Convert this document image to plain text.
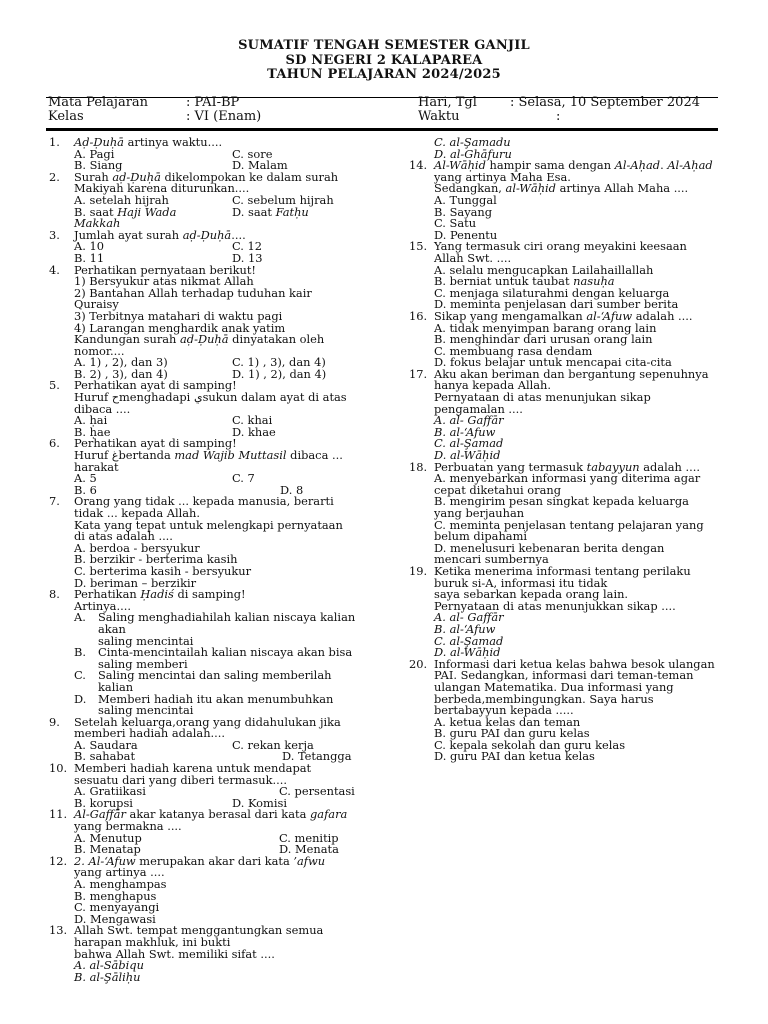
SUMATIF TENGAH SEMESTER GANJIL
SD NEGERI 2 KALAPAREA
TAHUN PELAJARAN 2024/2025
Mata Pelajaran	: PAI-BP
Kelas	: VI (Enam)
Hari, Tgl	: Selasa, 10 September 2024
Waktu	:
1. Aḍ-Ḍuḥā artinya waktu....
A. Pagi	C. sore
B. Siang	D. Malam
2. Surah aḍ-Ḍuḥā dikelompokan ke dalam surah
Makiyah karena diturunkan....
A. setelah hijrah	C. sebelum hijrah
B. saat Haji Wada	D. saat Fatḥu
Makkah
3. Jumlah ayat surah aḍ-Ḍuḥā....
A. 10	C. 12
B. 11	D. 13
4. Perhatikan pernyataan berikut!
1) Bersyukur atas nikmat Allah
2) Bantahan Allah terhadap tuduhan kair
Quraisy
3) Terbitnya matahari di waktu pagi
4) Larangan menghardik anak yatim
Kandungan surah aḍ-Ḍuḥā dinyatakan oleh
nomor....
A. 1) , 2), dan 3)	C. 1) , 3), dan 4)
B. 2) , 3), dan 4)	D. 1) , 2), dan 4)
5. Perhatikan ayat di samping!
Huruf حmenghadapi يsukun dalam ayat di atas
dibaca ....
A. ḥai	C. khai
B. ḥae	D. khae
6. Perhatikan ayat di samping!
Huruf غbertanda mad Wajib Muttasil dibaca ...
harakat
A. 5	C. 7
B. 6	D. 8
7. Orang yang tidak ... kepada manusia, berarti
tidak ... kepada Allah.
Kata yang tepat untuk melengkapi pernyataan
di atas adalah ....
A. berdoa - bersyukur
B. berzikir - berterima kasih
C. berterima kasih - bersyukur
D. beriman – berzikir
8. Perhatikan Ḥadiś di samping!
Artinya....
A. Saling menghadiahilah kalian niscaya kalian
akan
saling mencintai
B. Cinta-mencintailah kalian niscaya akan bisa
saling memberi
C. Saling mencintai dan saling memberilah
kalian
D. Memberi hadiah itu akan menumbuhkan
saling mencintai
9. Setelah keluarga,orang yang didahulukan jika
memberi hadiah adalah....
A. Saudara	C. rekan kerja
B. sahabat	D. Tetangga
10. Memberi hadiah karena untuk mendapat
sesuatu dari yang diberi termasuk....
A. Gratiikasi	C. persentasi
B. korupsi	D. Komisi
11. Al-Gaffār akar katanya berasal dari kata gafara
yang bermakna ....
A. Menutup	C. menitip
B. Menatap	D. Menata
12. 2. Al-‘Afuw merupakan akar dari kata ’afwu
yang artinya ....
A. menghampas
B. menghapus
C. menyayangi
D. Mengawasi
13. Allah Swt. tempat menggantungkan semua
harapan makhluk, ini bukti
bahwa Allah Swt. memiliki sifat ....
A. al-Sābiqu
B. al-Şāliḥu
C. al-Şamadu
D. al-Ghāfuru
14. Al-Wāḥid hampir sama dengan Al-Aḥad. Al-Aḥad
yang artinya Maha Esa.
Sedangkan, al-Wāḥid artinya Allah Maha ....
A. Tunggal
B. Sayang
C. Satu
D. Penentu
15. Yang termasuk ciri orang meyakini keesaan
Allah Swt. ....
A. selalu mengucapkan Lailahaillallah
B. berniat untuk taubat nasuḥa
C. menjaga silaturahmi dengan keluarga
D. meminta penjelasan dari sumber berita
16. Sikap yang mengamalkan al-‘Afuw adalah ....
A. tidak menyimpan barang orang lain
B. menghindar dari urusan orang lain
C. membuang rasa dendam
D. fokus belajar untuk mencapai cita-cita
17. Aku akan beriman dan bergantung sepenuhnya
hanya kepada Allah.
Pernyataan di atas menunjukan sikap
pengamalan ....
A. al- Gaffār
B. al-‘Afuw
C. al-Şamad
D. al-Wāḥid
18. Perbuatan yang termasuk tabayyun adalah ....
A. menyebarkan informasi yang diterima agar
cepat diketahui orang
B. mengirim pesan singkat kepada keluarga
yang berjauhan
C. meminta penjelasan tentang pelajaran yang
belum dipahami
D. menelusuri kebenaran berita dengan
mencari sumbernya
19. Ketika menerima informasi tentang perilaku
buruk si-A, informasi itu tidak
saya sebarkan kepada orang lain.
Pernyataan di atas menunjukkan sikap ....
A. al- Gaffār
B. al-‘Afuw
C. al-Şamad
D. al-Wāḥid
20. Informasi dari ketua kelas bahwa besok ulangan
PAI. Sedangkan, informasi dari teman-teman
ulangan Matematika. Dua informasi yang
berbeda,membingungkan. Saya harus
bertabayyun kepada .....
A. ketua kelas dan teman
B. guru PAI dan guru kelas
C. kepala sekolah dan guru kelas
D. guru PAI dan ketua kelas
